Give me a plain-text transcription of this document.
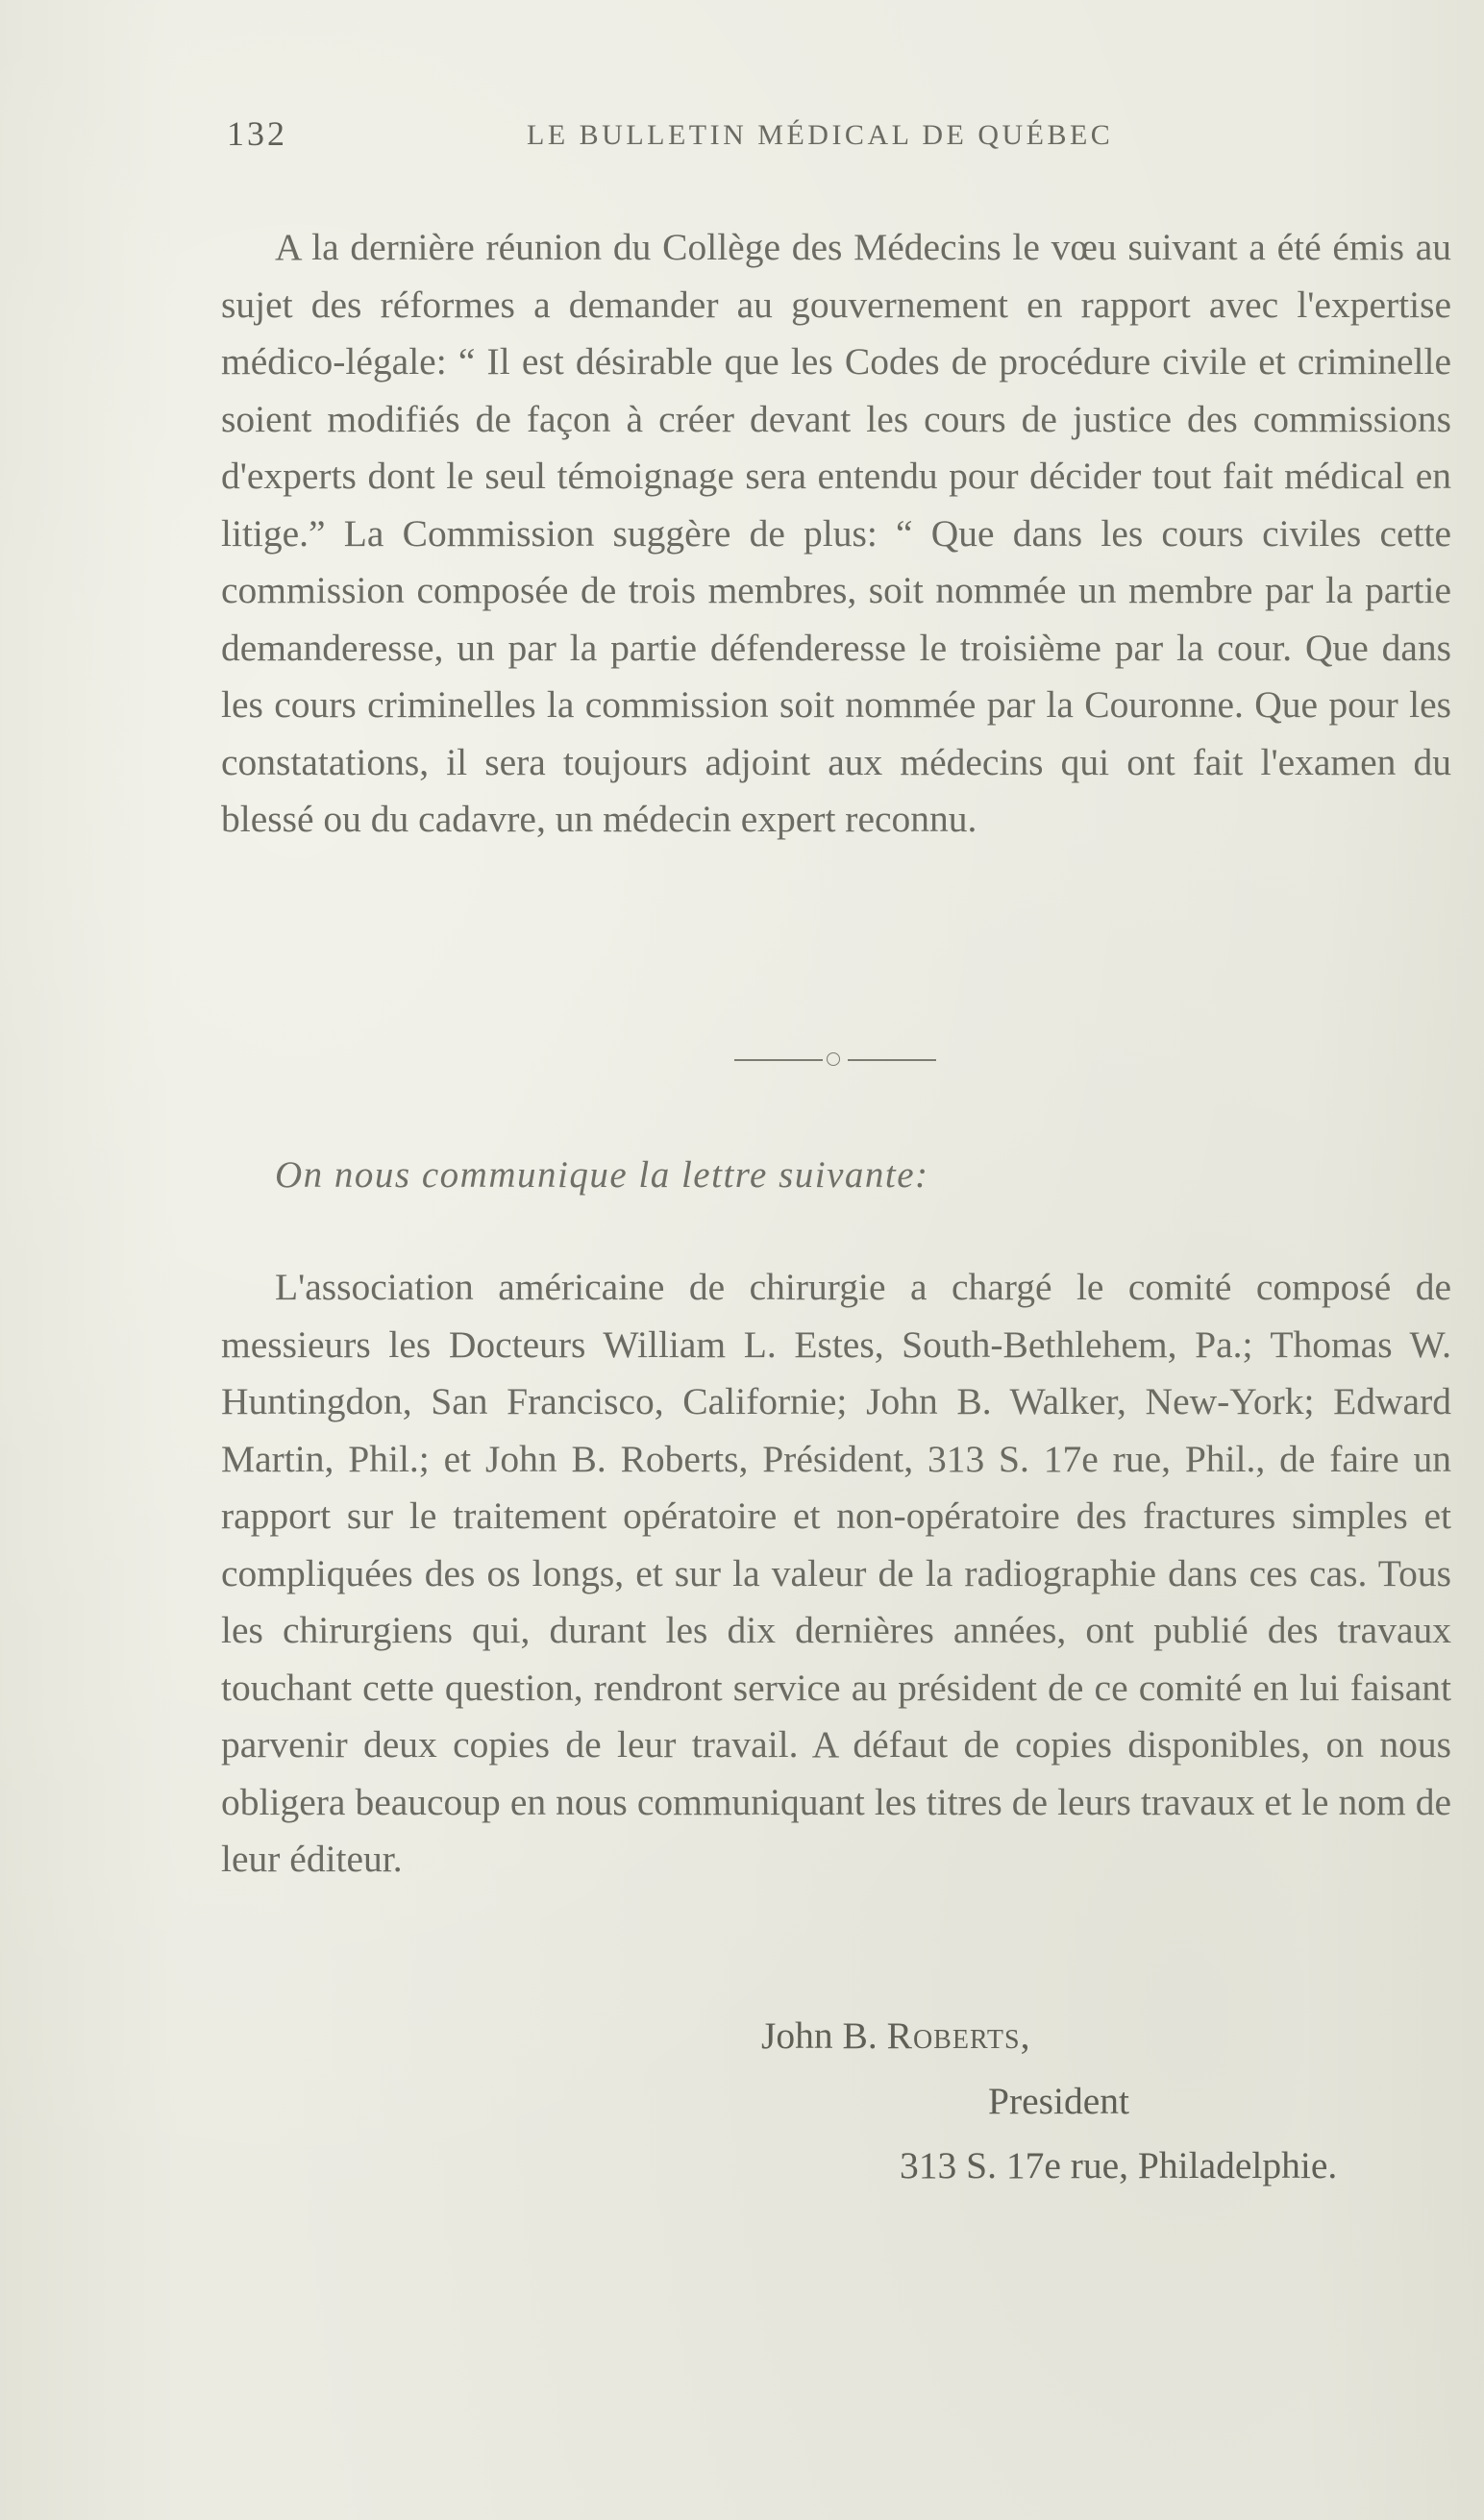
132	LE BULLETIN MÉDICAL DE QUÉBEC

A la dernière réunion du Collège des Médecins le vœu suivant a été émis au sujet des réformes a demander au gouvernement en rapport avec l'expertise médico-légale: “ Il est désirable que les Codes de procédure civile et criminelle soient modifiés de façon à créer devant les cours de justice des commissions d'experts dont le seul témoignage sera entendu pour décider tout fait médical en litige.” La Commission suggère de plus: “ Que dans les cours civiles cette commission composée de trois membres, soit nommée un membre par la partie demanderesse, un par la partie défenderesse le troisième par la cour. Que dans les cours criminelles la commission soit nommée par la Couronne. Que pour les constatations, il sera toujours adjoint aux médecins qui ont fait l'examen du blessé ou du cadavre, un médecin expert reconnu.

On nous communique la lettre suivante:

L'association américaine de chirurgie a chargé le comité composé de messieurs les Docteurs William L. Estes, South-Bethlehem, Pa.; Thomas W. Huntingdon, San Francisco, Californie; John B. Walker, New-York; Edward Martin, Phil.; et John B. Roberts, Président, 313 S. 17e rue, Phil., de faire un rapport sur le traitement opératoire et non-opératoire des fractures simples et compliquées des os longs, et sur la valeur de la radiographie dans ces cas. Tous les chirurgiens qui, durant les dix dernières années, ont publié des travaux touchant cette question, rendront service au président de ce comité en lui faisant parvenir deux copies de leur travail. A défaut de copies disponibles, on nous obligera beaucoup en nous communiquant les titres de leurs travaux et le nom de leur éditeur.

John B. Roberts,
President
313 S. 17e rue, Philadelphie.
